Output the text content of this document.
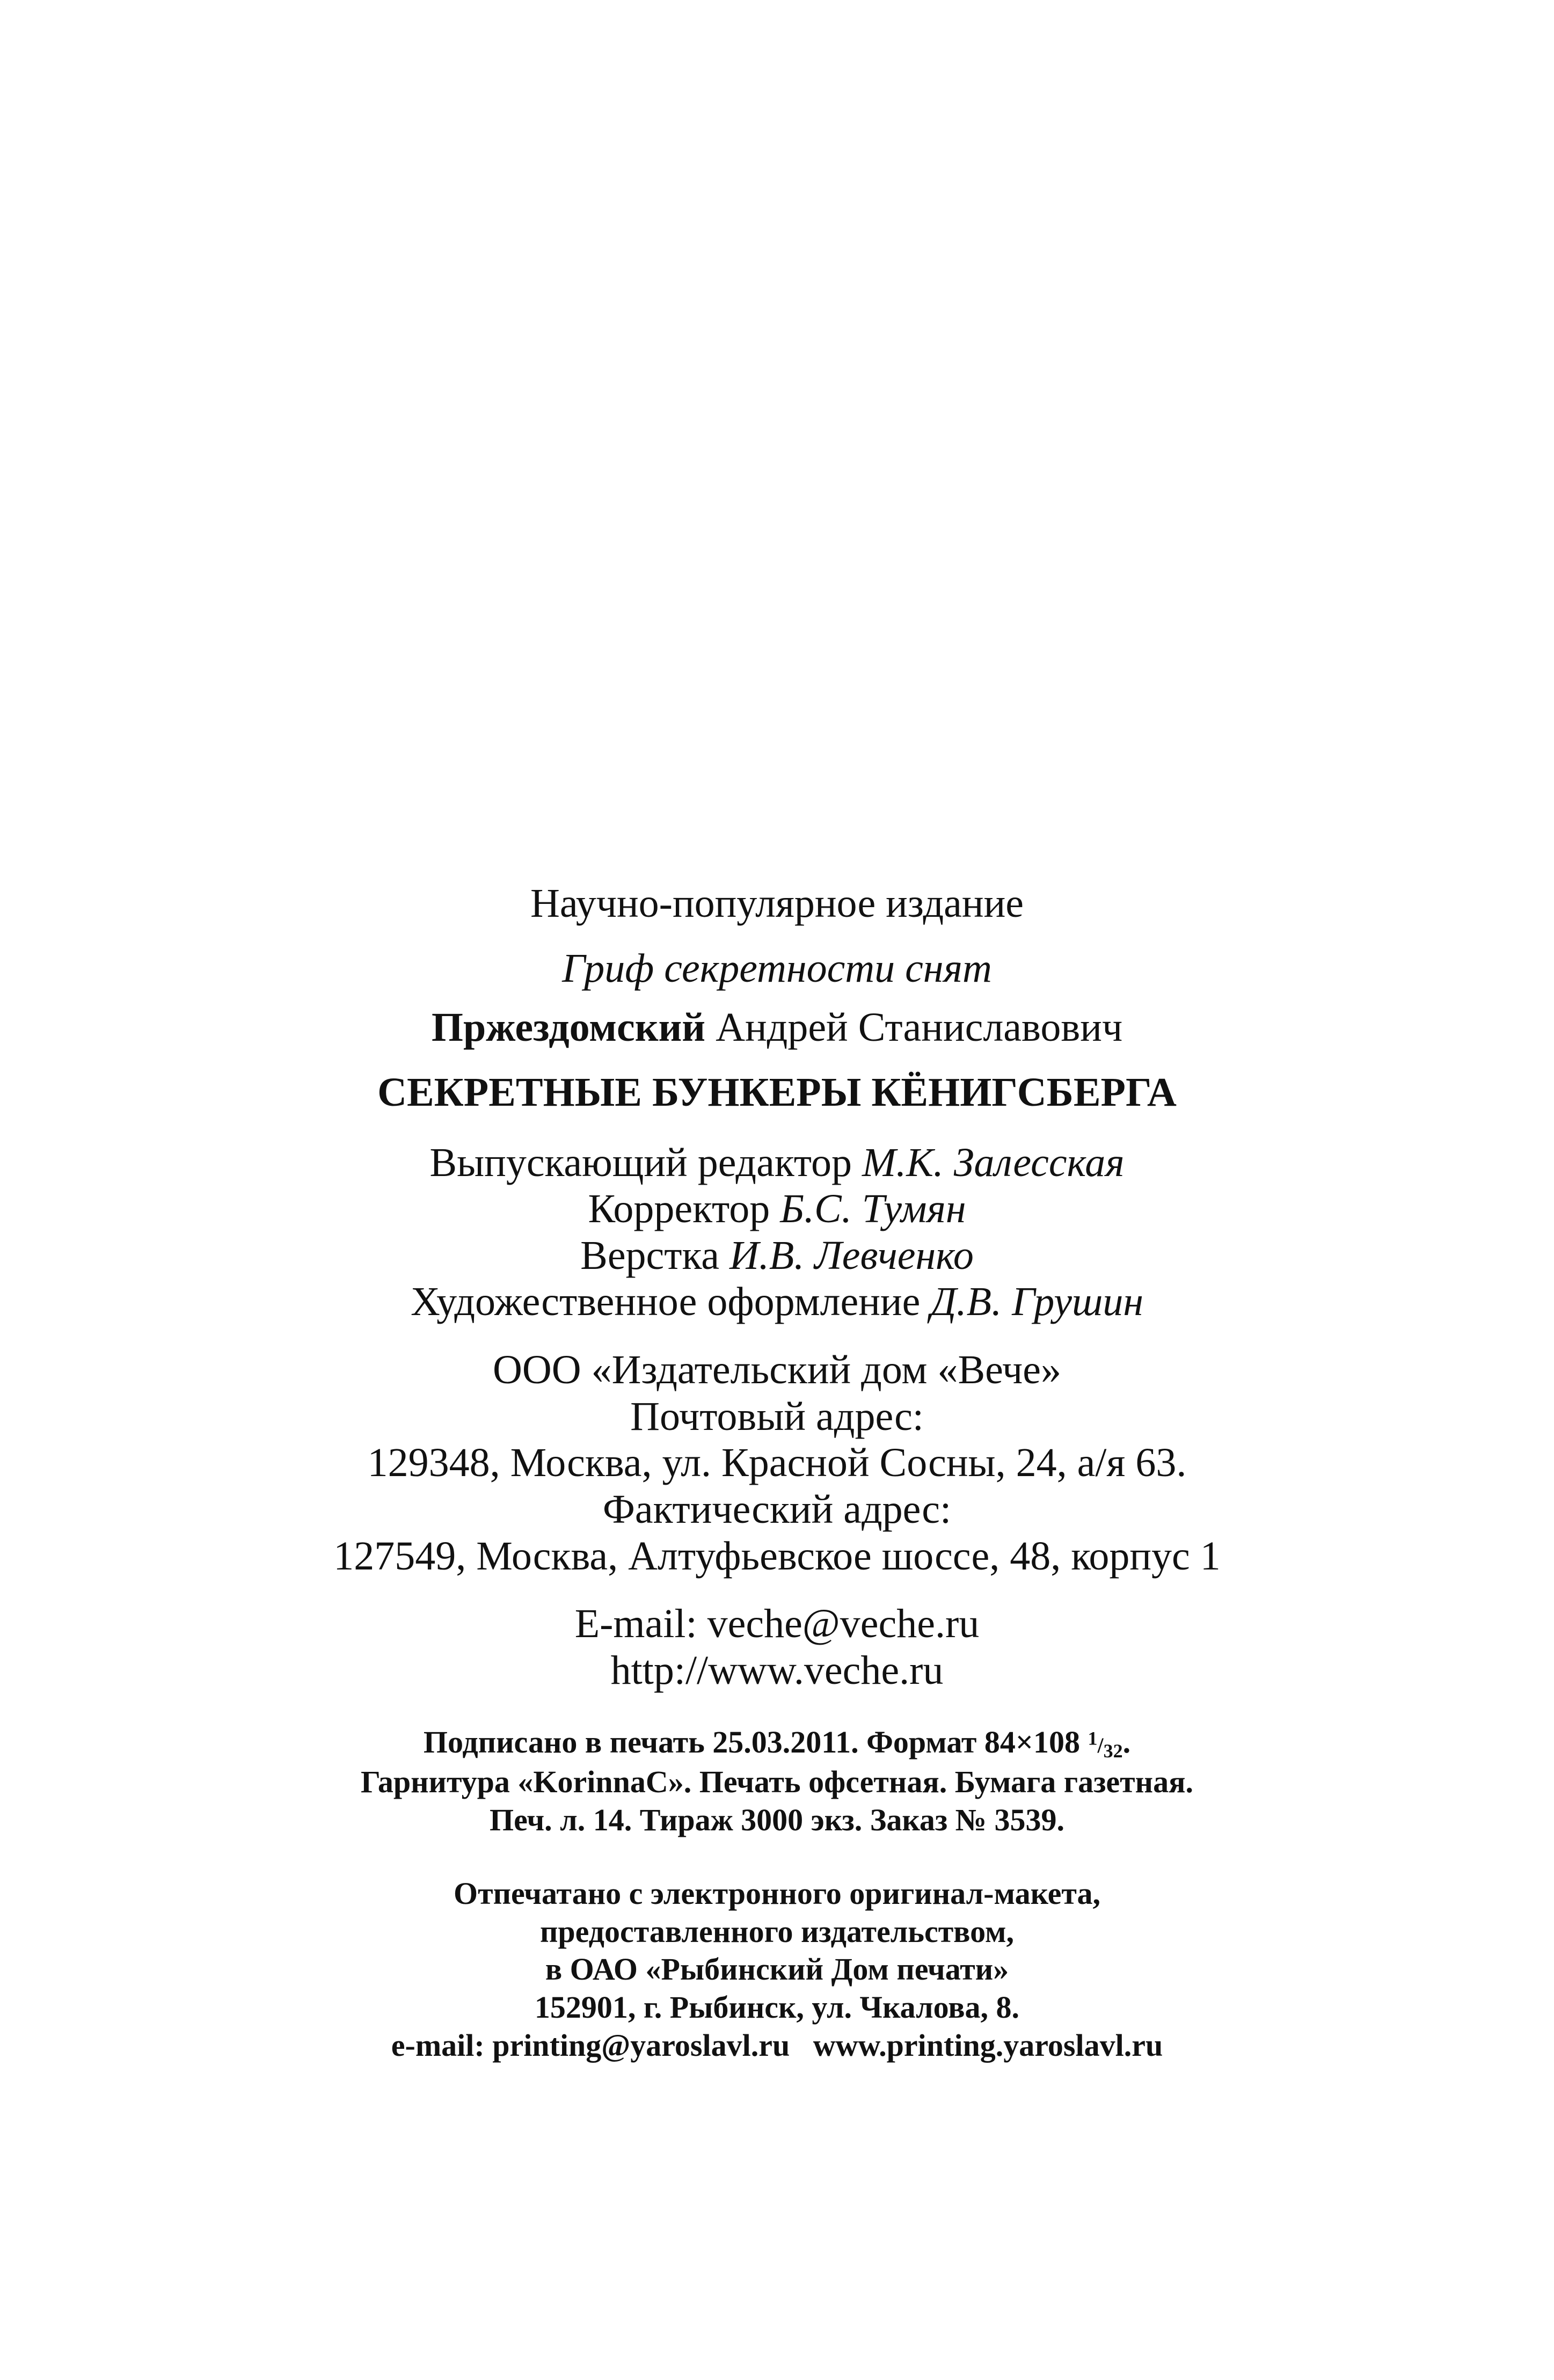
Научно-популярное издание
Гриф секретности снят
Пржездомский Андрей Станиславович
СЕКРЕТНЫЕ БУНКЕРЫ КЁНИГСБЕРГА
Выпускающий редактор М.К. Залесская
Корректор Б.С. Тумян
Верстка И.В. Левченко
Художественное оформление Д.В. Грушин
ООО «Издательский дом «Вече»
Почтовый адрес:
129348, Москва, ул. Красной Сосны, 24, а/я 63.
Фактический адрес:
127549, Москва, Алтуфьевское шоссе, 48, корпус 1
E-mail: veche@veche.ru
http://www.veche.ru
Подписано в печать 25.03.2011. Формат 84×108 $^1/_{32}$.
Гарнитура «KorinnaC». Печать офсетная. Бумага газетная.
Печ. л. 14. Тираж 3000 экз. Заказ № 3539.
Отпечатано с электронного оригинал-макета,
предоставленного издательством,
в ОАО «Рыбинский Дом печати»
152901, г. Рыбинск, ул. Чкалова, 8.
e-mail: printing@yaroslavl.ru   www.printing.yaroslavl.ru
